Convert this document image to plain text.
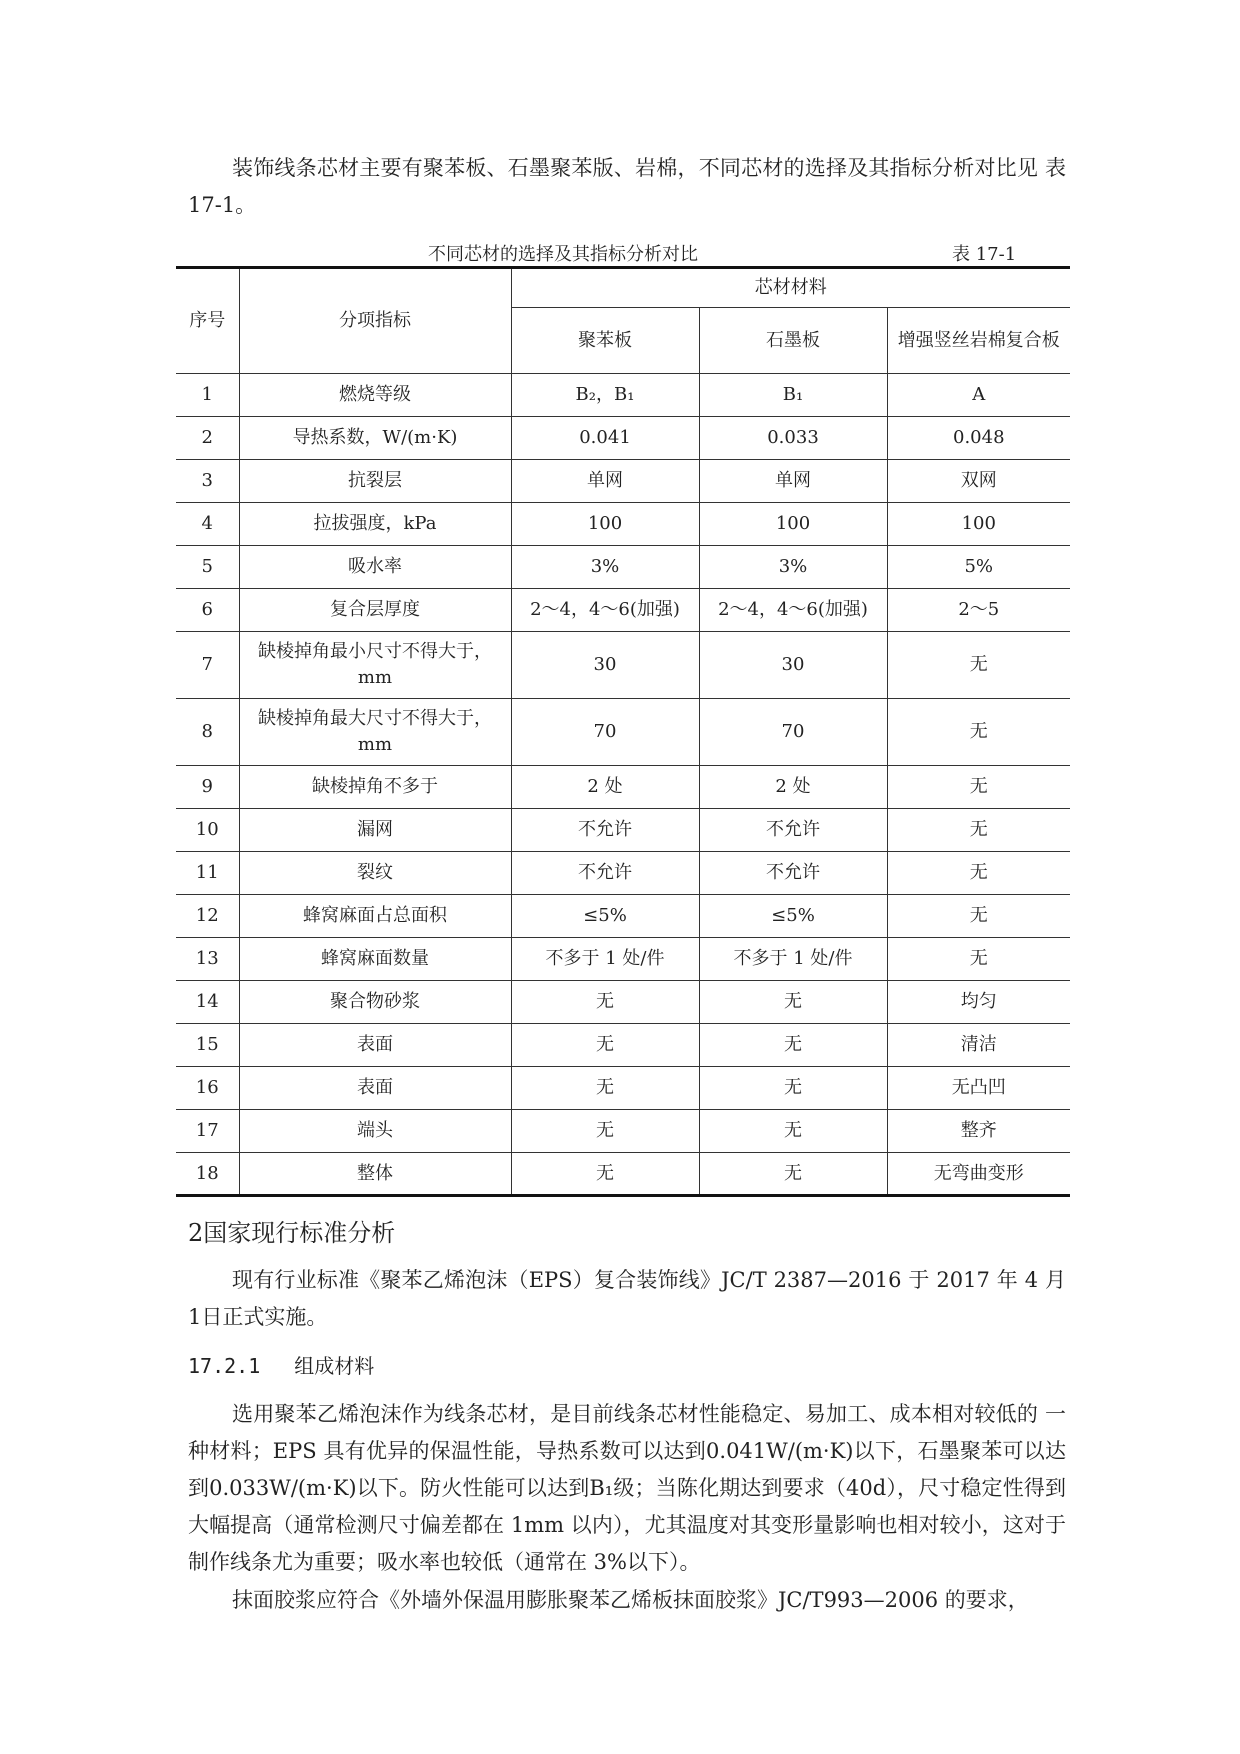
装饰线条芯材主要有聚苯板、石墨聚苯版、岩棉，不同芯材的选择及其指标分析对比见 表17-1。

不同芯材的选择及其指标分析对比	表 17-1
序号	分项指标	芯材材料		
		聚苯板	石墨板	增强竖丝岩棉复合板
1	燃烧等级	B₂，B₁	B₁	A
2	导热系数，W/(m·K)	0.041	0.033	0.048
3	抗裂层	单网	单网	双网
4	拉拔强度，kPa	100	100	100
5	吸水率	3%	3%	5%
6	复合层厚度	2～4，4～6(加强)	2～4，4～6(加强)	2～5
7	缺棱掉角最小尺寸不得大于，mm	30	30	无
8	缺棱掉角最大尺寸不得大于，mm	70	70	无
9	缺棱掉角不多于	2 处	2 处	无
10	漏网	不允许	不允许	无
11	裂纹	不允许	不允许	无
12	蜂窝麻面占总面积	≤5%	≤5%	无
13	蜂窝麻面数量	不多于 1 处/件	不多于 1 处/件	无
14	聚合物砂浆	无	无	均匀
15	表面	无	无	清洁
16	表面	无	无	无凸凹
17	端头	无	无	整齐
18	整体	无	无	无弯曲变形
2国家现行标准分析

现有行业标准《聚苯乙烯泡沫（EPS）复合装饰线》JC/T 2387—2016 于 2017 年 4 月 1日正式实施。

17.2.1 组成材料

选用聚苯乙烯泡沫作为线条芯材，是目前线条芯材性能稳定、易加工、成本相对较低的 一种材料；EPS 具有优异的保温性能，导热系数可以达到0.041W/(m·K)以下，石墨聚苯可以达到0.033W/(m·K)以下。防火性能可以达到B₁级；当陈化期达到要求（40d），尺寸稳定性得到大幅提高（通常检测尺寸偏差都在 1mm 以内），尤其温度对其变形量影响也相对较小，这对于制作线条尤为重要；吸水率也较低（通常在 3%以下）。

抹面胶浆应符合《外墙外保温用膨胀聚苯乙烯板抹面胶浆》JC/T993—2006 的要求，
